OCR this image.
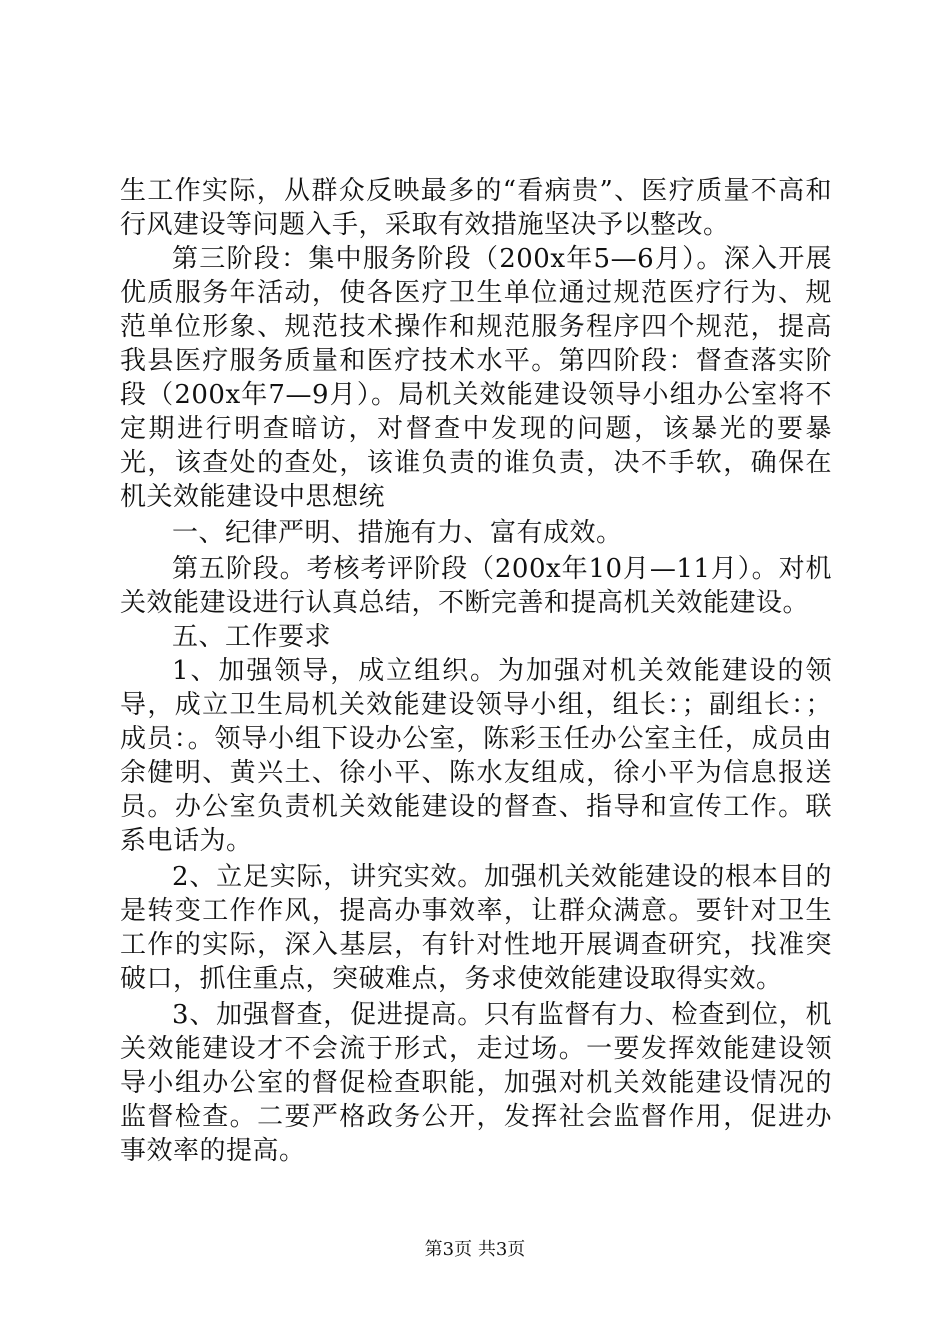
生工作实际，从群众反映最多的“看病贵”、医疗质量不高和行风建设等问题入手，采取有效措施坚决予以整改。

第三阶段：集中服务阶段（200x年5—6月）。深入开展优质服务年活动，使各医疗卫生单位通过规范医疗行为、规范单位形象、规范技术操作和规范服务程序四个规范，提高我县医疗服务质量和医疗技术水平。第四阶段：督查落实阶段（200x年7—9月）。局机关效能建设领导小组办公室将不定期进行明查暗访，对督查中发现的问题，该暴光的要暴光，该查处的查处，该谁负责的谁负责，决不手软，确保在机关效能建设中思想统

一、纪律严明、措施有力、富有成效。

第五阶段。考核考评阶段（200x年10月—11月）。对机关效能建设进行认真总结，不断完善和提高机关效能建设。

五、工作要求

1、加强领导，成立组织。为加强对机关效能建设的领导，成立卫生局机关效能建设领导小组，组长：；副组长：；成员：。领导小组下设办公室，陈彩玉任办公室主任，成员由余健明、黄兴土、徐小平、陈水友组成，徐小平为信息报送员。办公室负责机关效能建设的督查、指导和宣传工作。联系电话为。

2、立足实际，讲究实效。加强机关效能建设的根本目的是转变工作作风，提高办事效率，让群众满意。要针对卫生工作的实际，深入基层，有针对性地开展调查研究，找准突破口，抓住重点，突破难点，务求使效能建设取得实效。

3、加强督查，促进提高。只有监督有力、检查到位，机关效能建设才不会流于形式，走过场。一要发挥效能建设领导小组办公室的督促检查职能，加强对机关效能建设情况的监督检查。二要严格政务公开，发挥社会监督作用，促进办事效率的提高。

第3页 共3页
